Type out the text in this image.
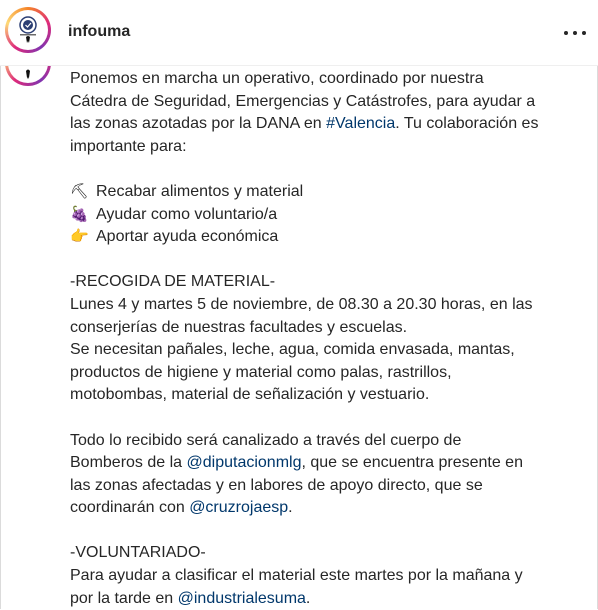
infouma

Ponemos en marcha un operativo, coordinado por nuestra

Cátedra de Seguridad, Emergencias y Catástrofes, para ayudar a

las zonas azotadas por la DANA en #Valencia. Tu colaboración es

importante para:

⛏ Recabar alimentos y material

🍇 Ayudar como voluntario/a

👉 Aportar ayuda económica

-RECOGIDA DE MATERIAL-

Lunes 4 y martes 5 de noviembre, de 08.30 a 20.30 horas, en las

conserjerías de nuestras facultades y escuelas.

Se necesitan pañales, leche, agua, comida envasada, mantas,

productos de higiene y material como palas, rastrillos,

motobombas, material de señalización y vestuario.

Todo lo recibido será canalizado a través del cuerpo de

Bomberos de la @diputacionmlg, que se encuentra presente en

las zonas afectadas y en labores de apoyo directo, que se

coordinarán con @cruzrojaesp.

-VOLUNTARIADO-

Para ayudar a clasificar el material este martes por la mañana y

por la tarde en @industrialesuma.
